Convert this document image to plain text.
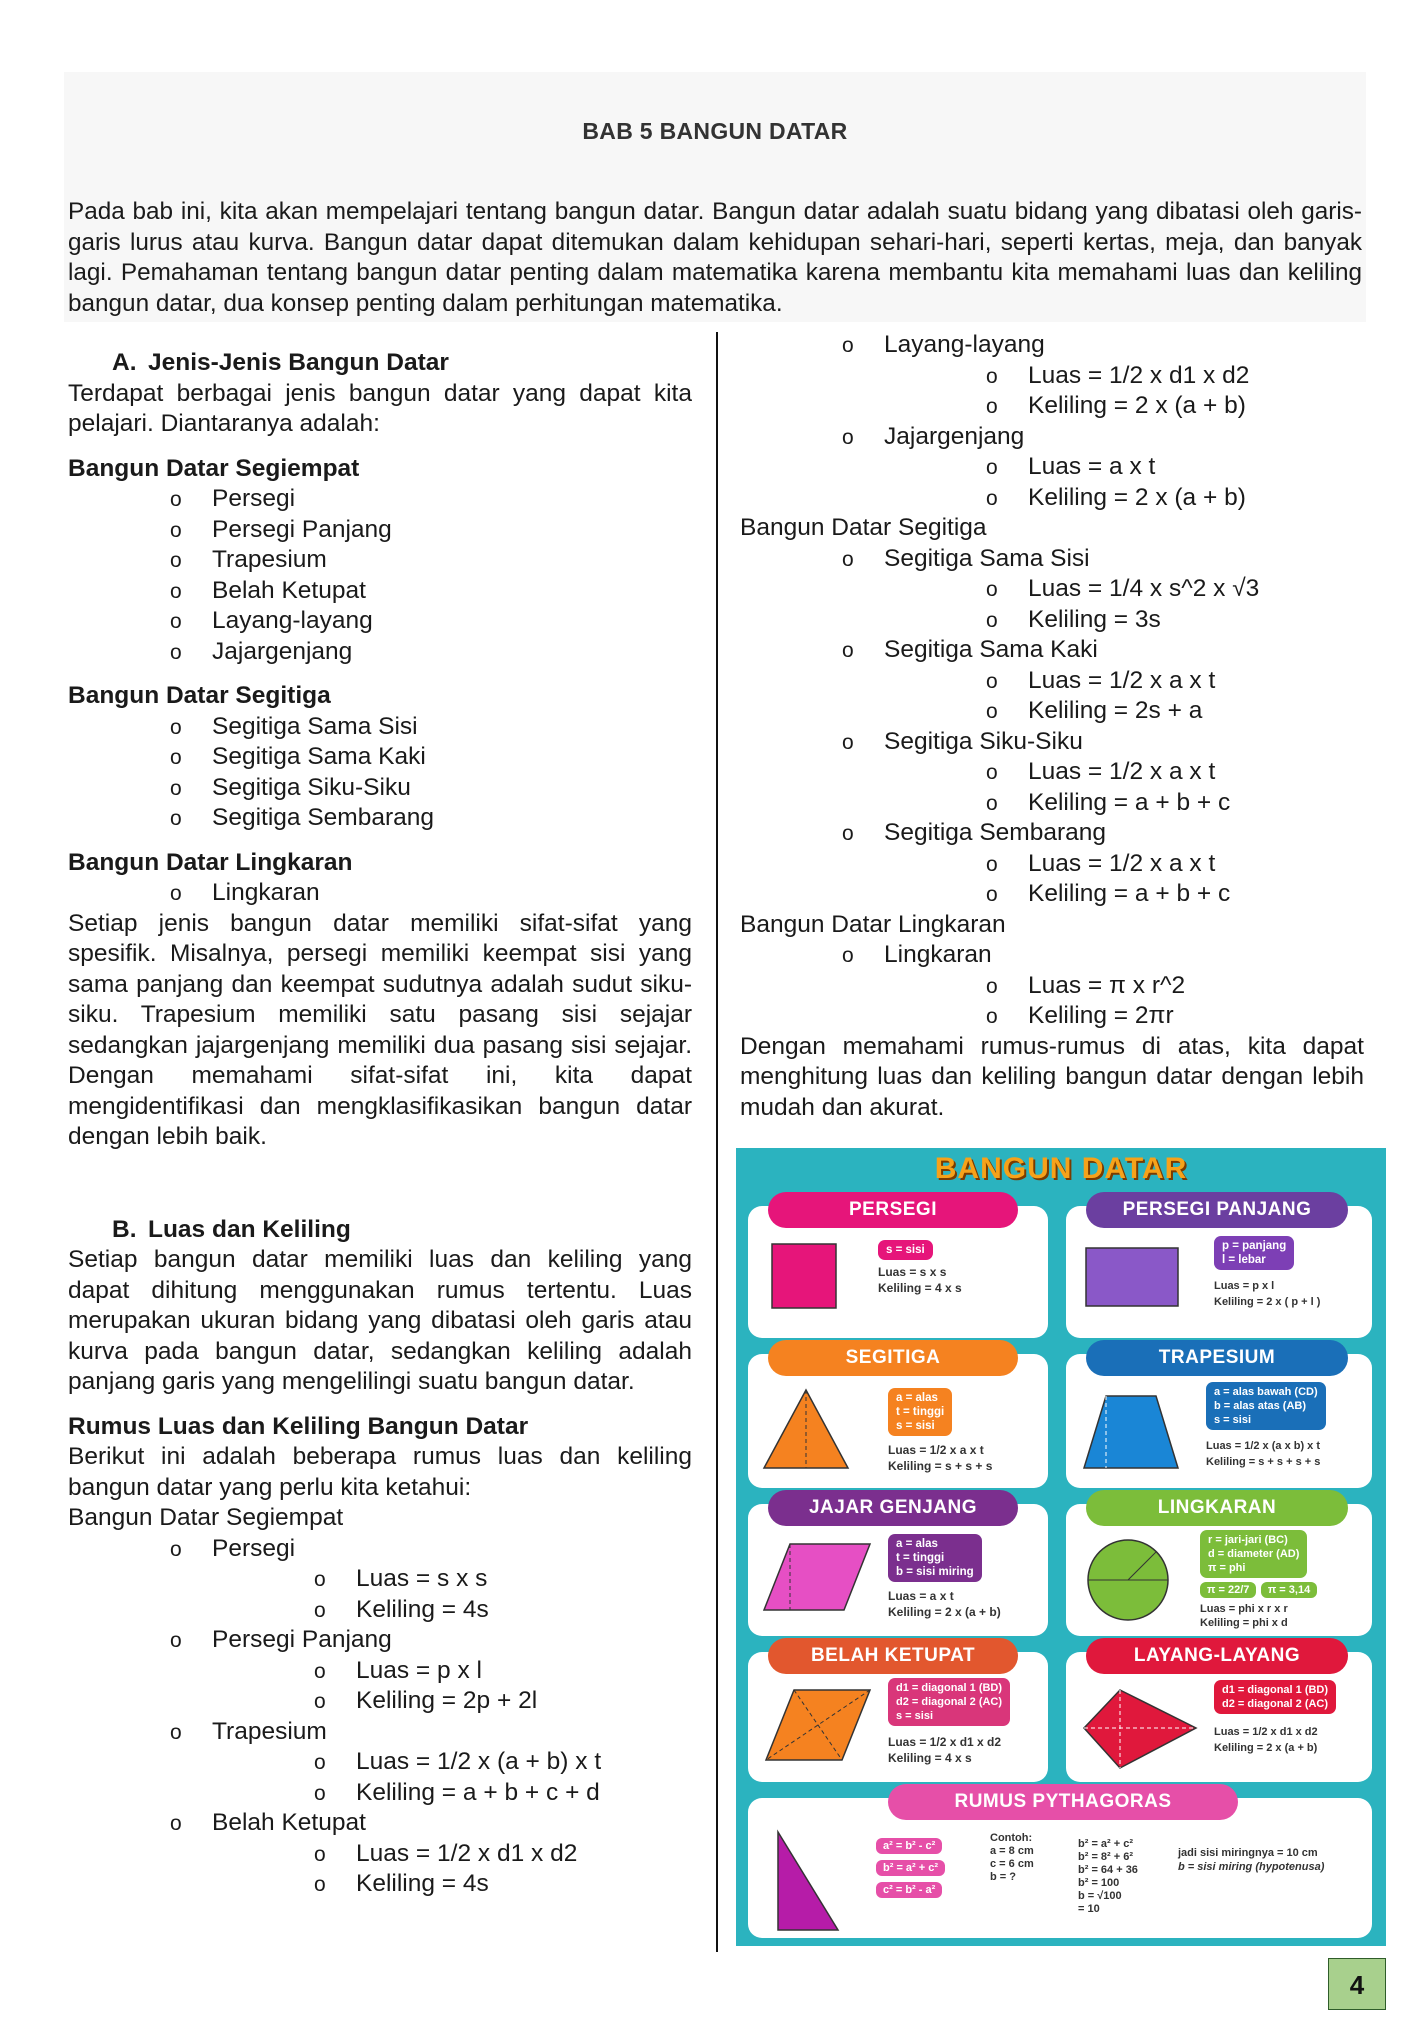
BAB 5 BANGUN DATAR

Pada bab ini, kita akan mempelajari tentang bangun datar. Bangun datar adalah suatu bidang yang dibatasi oleh garis-garis lurus atau kurva. Bangun datar dapat ditemukan dalam kehidupan sehari-hari, seperti kertas, meja, dan banyak lagi. Pemahaman tentang bangun datar penting dalam matematika karena membantu kita memahami luas dan keliling bangun datar, dua konsep penting dalam perhitungan matematika.

A. Jenis-Jenis Bangun Datar

Terdapat berbagai jenis bangun datar yang dapat kita pelajari. Diantaranya adalah:

Bangun Datar Segiempat
o Persegi
o Persegi Panjang
o Trapesium
o Belah Ketupat
o Layang-layang
o Jajargenjang
Bangun Datar Segitiga
o Segitiga Sama Sisi
o Segitiga Sama Kaki
o Segitiga Siku-Siku
o Segitiga Sembarang
Bangun Datar Lingkaran
o Lingkaran

Setiap jenis bangun datar memiliki sifat-sifat yang spesifik. Misalnya, persegi memiliki keempat sisi yang sama panjang dan keempat sudutnya adalah sudut siku-siku. Trapesium memiliki satu pasang sisi sejajar sedangkan jajargenjang memiliki dua pasang sisi sejajar. Dengan memahami sifat-sifat ini, kita dapat mengidentifikasi dan mengklasifikasikan bangun datar dengan lebih baik.

B. Luas dan Keliling

Setiap bangun datar memiliki luas dan keliling yang dapat dihitung menggunakan rumus tertentu. Luas merupakan ukuran bidang yang dibatasi oleh garis atau kurva pada bangun datar, sedangkan keliling adalah panjang garis yang mengelilingi suatu bangun datar.

Rumus Luas dan Keliling Bangun Datar

Berikut ini adalah beberapa rumus luas dan keliling bangun datar yang perlu kita ketahui:

Bangun Datar Segiempat
o Persegi
o Luas = s x s
o Keliling = 4s
o Persegi Panjang
o Luas = p x l
o Keliling = 2p + 2l
o Trapesium
o Luas = 1/2 x (a + b) x t
o Keliling = a + b + c + d
o Belah Ketupat
o Luas = 1/2 x d1 x d2
o Keliling = 4s
o Layang-layang
o Luas = 1/2 x d1 x d2
o Keliling = 2 x (a + b)
o Jajargenjang
o Luas = a x t
o Keliling = 2 x (a + b)
Bangun Datar Segitiga
o Segitiga Sama Sisi
o Luas = 1/4 x s^2 x √3
o Keliling = 3s
o Segitiga Sama Kaki
o Luas = 1/2 x a x t
o Keliling = 2s + a
o Segitiga Siku-Siku
o Luas = 1/2 x a x t
o Keliling = a + b + c
o Segitiga Sembarang
o Luas = 1/2 x a x t
o Keliling = a + b + c
Bangun Datar Lingkaran
o Lingkaran
o Luas = π x r^2
o Keliling = 2πr

Dengan memahami rumus-rumus di atas, kita dapat menghitung luas dan keliling bangun datar dengan lebih mudah dan akurat.

BANGUN DATAR
PERSEGI
s = sisi
Luas = s x s
Keliling = 4 x s
PERSEGI PANJANG
p = panjang
l = lebar
Luas = p x l
Keliling = 2 x ( p + l )
SEGITIGA
a = alas
t = tinggi
s = sisi
Luas = 1/2 x a x t
Keliling = s + s + s
TRAPESIUM
a = alas bawah (CD)
b = alas atas (AB)
s = sisi
Luas = 1/2 x (a x b) x t
Keliling = s + s + s + s
JAJAR GENJANG
a = alas
t = tinggi
b = sisi miring
Luas = a x t
Keliling = 2 x (a + b)
LINGKARAN
r = jari-jari (BC)
d = diameter (AD)
π = phi
π = 22/7 π = 3,14
Luas = phi x r x r
Keliling = phi x d
BELAH KETUPAT
d1 = diagonal 1 (BD)
d2 = diagonal 2 (AC)
s = sisi
Luas = 1/2 x d1 x d2
Keliling = 4 x s
LAYANG-LAYANG
d1 = diagonal 1 (BD)
d2 = diagonal 2 (AC)
Luas = 1/2 x d1 x d2
Keliling = 2 x (a + b)
RUMUS PYTHAGORAS
a² = b² - c²
b² = a² + c²
c² = b² - a²
Contoh:
a = 8 cm
c = 6 cm
b = ?
b² = a² + c²
b² = 8² + 6²
b² = 64 + 36
b² = 100
b = √100
= 10
jadi sisi miringnya = 10 cm
b = sisi miring (hypotenusa)
4
